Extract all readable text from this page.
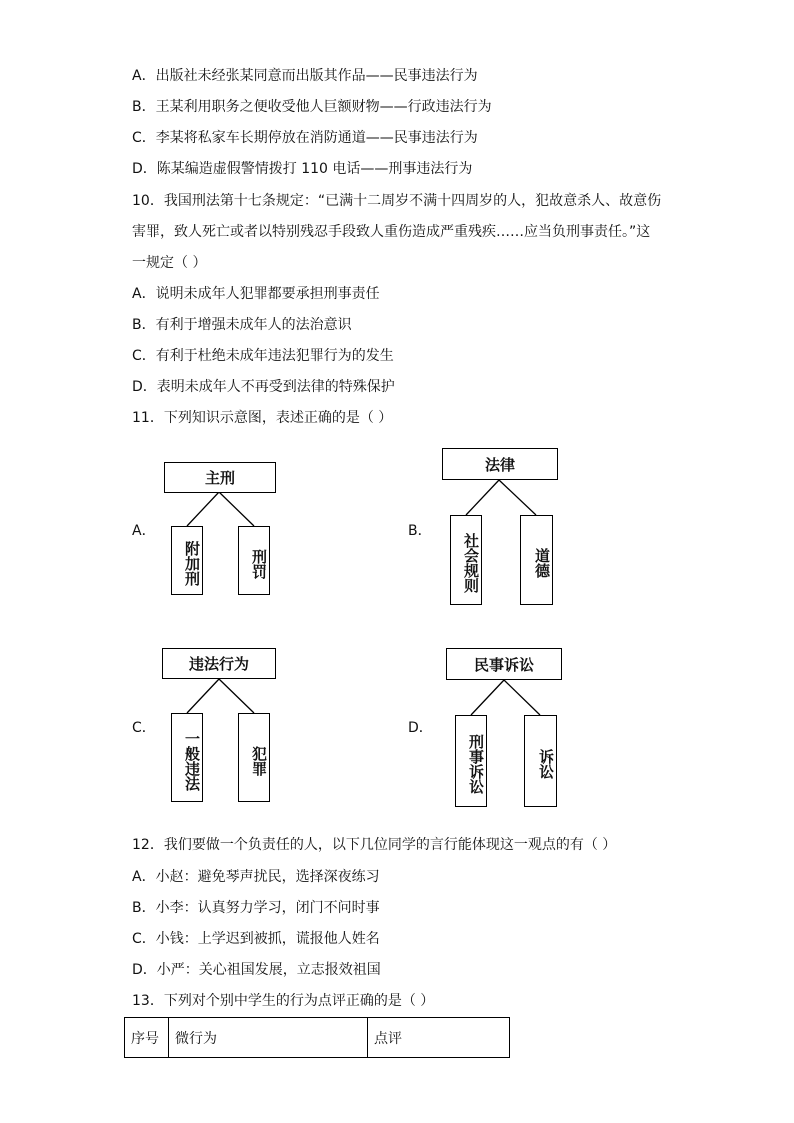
A．出版社未经张某同意而出版其作品——民事违法行为
B．王某利用职务之便收受他人巨额财物——行政违法行为
C．李某将私家车长期停放在消防通道——民事违法行为
D．陈某编造虚假警情拨打 110 电话——刑事违法行为
10．我国刑法第十七条规定：“已满十二周岁不满十四周岁的人，犯故意杀人、故意伤
害罪，致人死亡或者以特别残忍手段致人重伤造成严重残疾……应当负刑事责任。”这
一规定（ ）
A．说明未成年人犯罪都要承担刑事责任
B．有利于增强未成年人的法治意识
C．有利于杜绝未成年违法犯罪行为的发生
D．表明未成年人不再受到法律的特殊保护
11．下列知识示意图，表述正确的是（ ）
A．
主刑
附加刑	刑罚
B．
法律
社会规则	道德
C．
违法行为
一般违法	犯罪
D．
民事诉讼
刑事诉讼	诉讼
12．我们要做一个负责任的人，以下几位同学的言行能体现这一观点的有（ ）
A．小赵：避免琴声扰民，选择深夜练习
B．小李：认真努力学习，闭门不问时事
C．小钱：上学迟到被抓，谎报他人姓名
D．小严：关心祖国发展，立志报效祖国
13．下列对个别中学生的行为点评正确的是（ ）
序号	微行为	点评
